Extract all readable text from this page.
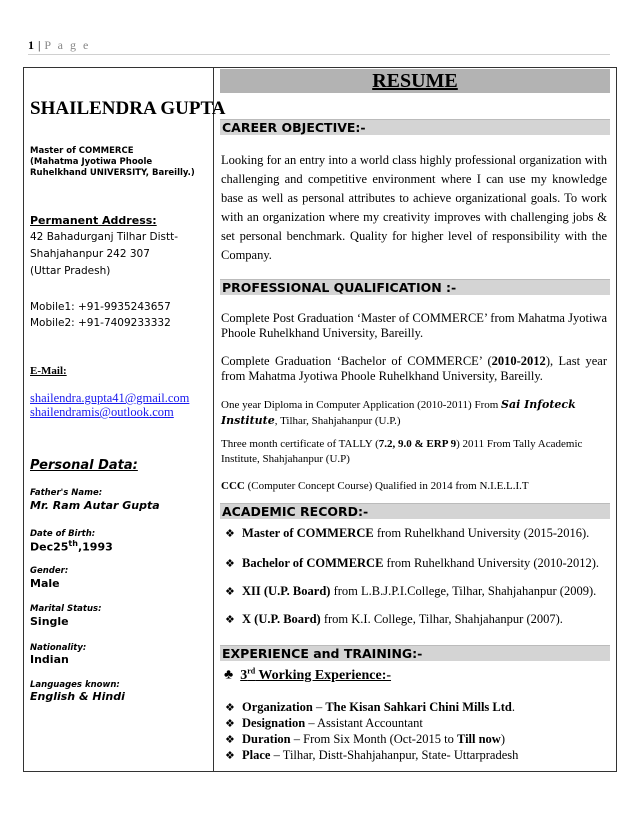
1 | P a g e
SHAILENDRA GUPTA
Master of COMMERCE
(Mahatma Jyotiwa Phoole
Ruhelkhand UNIVERSITY, Bareilly.)
Permanent Address:
42 Bahadurganj Tilhar Distt-
Shahjahanpur 242 307
(Uttar Pradesh)
Mobile1: +91-9935243657
Mobile2: +91-7409233332
E-Mail:
shailendra.gupta41@gmail.com
shailendramis@outlook.com
Personal Data:
Father's Name:
Mr. Ram Autar Gupta
Date of Birth:
Dec25th,1993
Gender:
Male
Marital Status:
Single
Nationality:
Indian
Languages known:
English & Hindi
RESUME
CAREER OBJECTIVE:-
Looking for an entry into a world class highly professional organization with challenging and competitive environment where I can use my knowledge base as well as personal attributes to achieve organizational goals. To work with an organization where my creativity improves with challenging jobs & set personal benchmark. Quality for higher level of responsibility with the Company.
PROFESSIONAL QUALIFICATION :-
Complete Post Graduation ‘Master of COMMERCE’ from Mahatma Jyotiwa Phoole Ruhelkhand University, Bareilly.
Complete Graduation ‘Bachelor of COMMERCE’ (2010-2012), Last year from Mahatma Jyotiwa Phoole Ruhelkhand University, Bareilly.
One year Diploma in Computer Application (2010-2011) From Sai Infoteck Institute, Tilhar, Shahjahanpur (U.P.)
Three month certificate of TALLY (7.2, 9.0 & ERP 9) 2011 From Tally Academic Institute, Shahjahanpur (U.P)
CCC (Computer Concept Course) Qualified in 2014 from N.I.E.L.I.T
ACADEMIC RECORD:-
❖ Master of COMMERCE from Ruhelkhand University (2015-2016).
❖ Bachelor of COMMERCE from Ruhelkhand University (2010-2012).
❖ XII (U.P. Board) from L.B.J.P.I.College, Tilhar, Shahjahanpur (2009).
❖ X (U.P. Board) from K.I. College, Tilhar, Shahjahanpur (2007).
EXPERIENCE and TRAINING:-
♣ 3rd Working Experience:-
❖ Organization – The Kisan Sahkari Chini Mills Ltd.
❖ Designation – Assistant Accountant
❖ Duration – From Six Month (Oct-2015 to Till now)
❖ Place – Tilhar, Distt-Shahjahanpur, State- Uttarpradesh
